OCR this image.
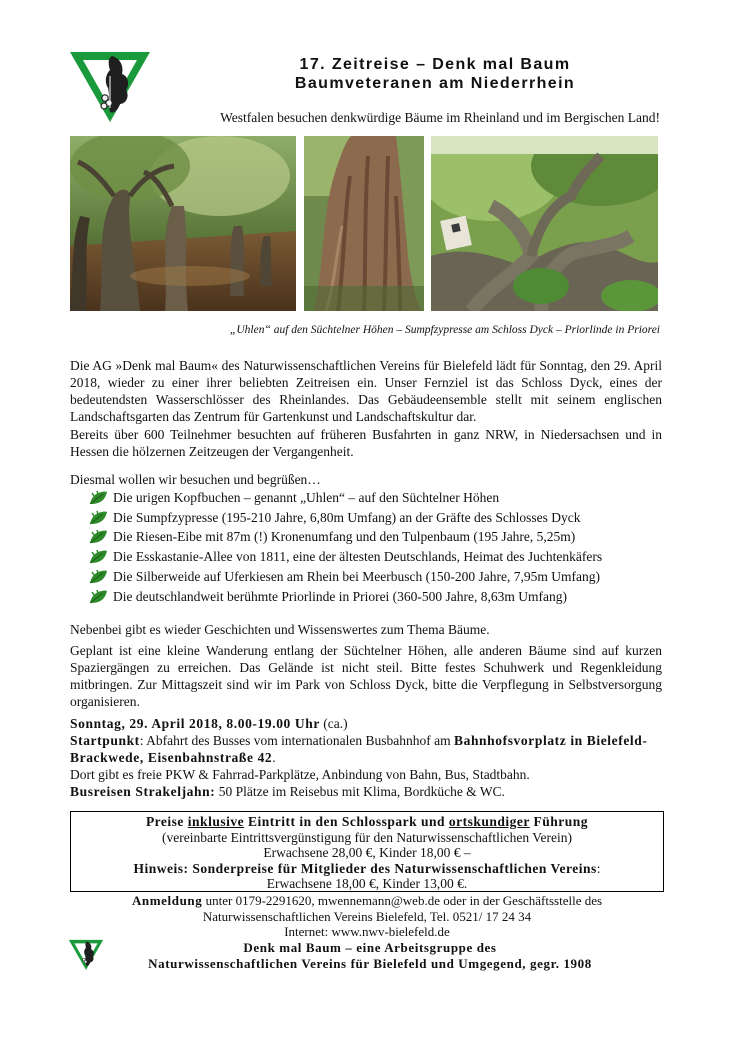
17. Zeitreise – Denk mal Baum
Baumveteranen am Niederrhein
Westfalen besuchen denkwürdige Bäume im Rheinland und im Bergischen Land!
„Uhlen“ auf den Süchtelner Höhen – Sumpfzypresse am Schloss Dyck – Priorlinde in Priorei

Die AG »Denk mal Baum« des Naturwissenschaftlichen Vereins für Bielefeld lädt für Sonntag, den 29. April 2018, wieder zu einer ihrer beliebten Zeitreisen ein. Unser Fernziel ist das Schloss Dyck, eines der bedeutendsten Wasserschlösser des Rheinlandes. Das Gebäudeensemble stellt mit seinem englischen Landschaftsgarten das Zentrum für Gartenkunst und Landschaftskultur dar.

Bereits über 600 Teilnehmer besuchten auf früheren Busfahrten in ganz NRW, in Niedersachsen und in Hessen die hölzernen Zeitzeugen der Vergangenheit.

Diesmal wollen wir besuchen und begrüßen…

Die urigen Kopfbuchen – genannt „Uhlen“ – auf den Süchtelner Höhen
Die Sumpfzypresse (195-210 Jahre, 6,80m Umfang) an der Gräfte des Schlosses Dyck
Die Riesen-Eibe mit 87m (!) Kronenumfang und den Tulpenbaum (195 Jahre, 5,25m)
Die Esskastanie-Allee von 1811, eine der ältesten Deutschlands, Heimat des Juchtenkäfers
Die Silberweide auf Uferkiesen am Rhein bei Meerbusch (150-200 Jahre, 7,95m Umfang)
Die deutschlandweit berühmte Priorlinde in Priorei (360-500 Jahre, 8,63m Umfang)

Nebenbei gibt es wieder Geschichten und Wissenswertes zum Thema Bäume.

Geplant ist eine kleine Wanderung entlang der Süchtelner Höhen, alle anderen Bäume sind auf kurzen Spaziergängen zu erreichen. Das Gelände ist nicht steil. Bitte festes Schuhwerk und Regenkleidung mitbringen. Zur Mittagszeit sind wir im Park von Schloss Dyck, bitte die Verpflegung in Selbstversorgung organisieren.

Sonntag, 29. April 2018, 8.00-19.00 Uhr (ca.)
Startpunkt: Abfahrt des Busses vom internationalen Busbahnhof am Bahnhofsvorplatz in Bielefeld-Brackwede, Eisenbahnstraße 42.
Dort gibt es freie PKW & Fahrrad-Parkplätze, Anbindung von Bahn, Bus, Stadtbahn.
Busreisen Strakeljahn: 50 Plätze im Reisebus mit Klima, Bordküche & WC.
Preise inklusive Eintritt in den Schlosspark und ortskundiger Führung
(vereinbarte Eintrittsvergünstigung für den Naturwissenschaftlichen Verein)
Erwachsene 28,00 €, Kinder 18,00 € –
Hinweis: Sonderpreise für Mitglieder des Naturwissenschaftlichen Vereins:
Erwachsene 18,00 €, Kinder 13,00 €.
Anmeldung unter 0179-2291620, mwennemann@web.de oder in der Geschäftsstelle des
Naturwissenschaftlichen Vereins Bielefeld, Tel. 0521/ 17 24 34
Internet: www.nwv-bielefeld.de
Denk mal Baum – eine Arbeitsgruppe des
Naturwissenschaftlichen Vereins für Bielefeld und Umgegend, gegr. 1908
